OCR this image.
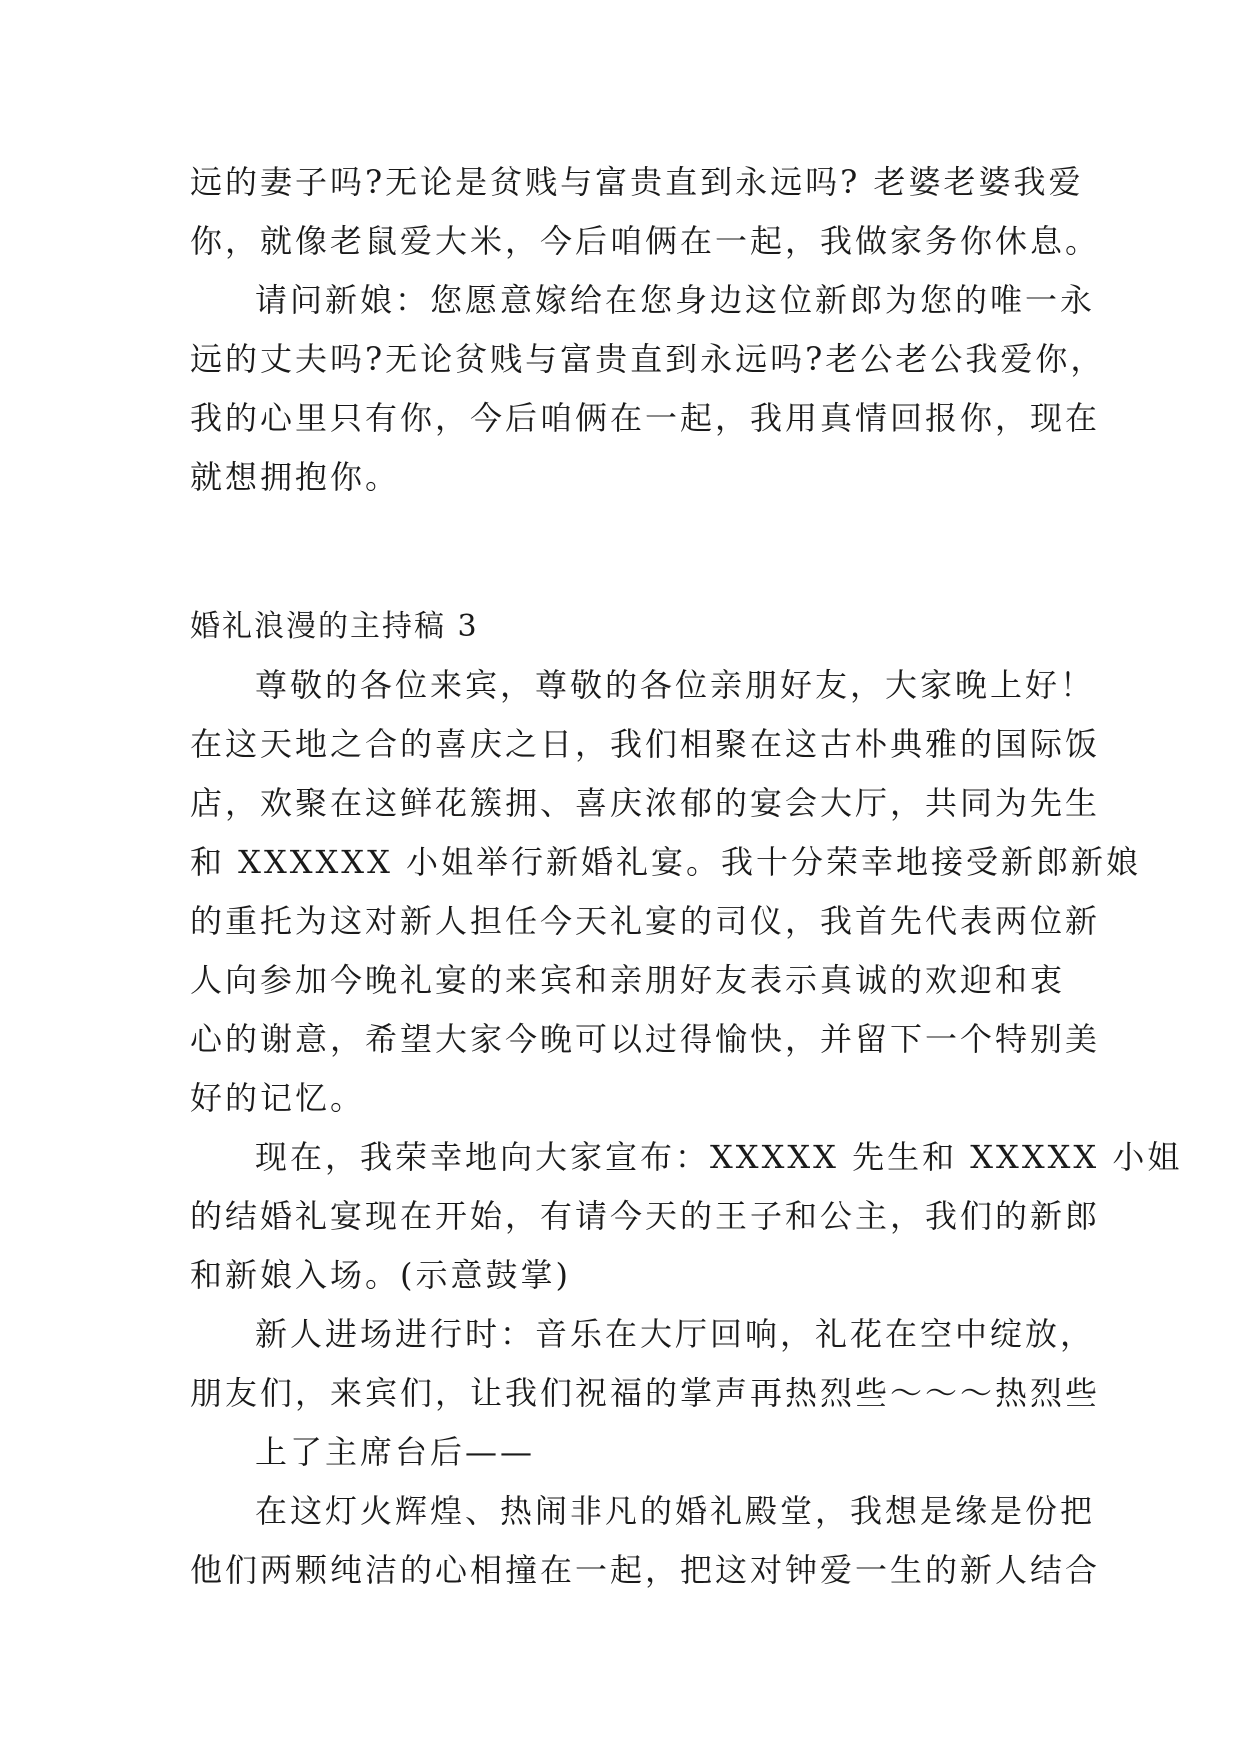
远的妻子吗?无论是贫贱与富贵直到永远吗? 老婆老婆我爱
你，就像老鼠爱大米，今后咱俩在一起，我做家务你休息。
请问新娘：您愿意嫁给在您身边这位新郎为您的唯一永
远的丈夫吗?无论贫贱与富贵直到永远吗?老公老公我爱你，
我的心里只有你，今后咱俩在一起，我用真情回报你，现在
就想拥抱你。
婚礼浪漫的主持稿 3
尊敬的各位来宾，尊敬的各位亲朋好友，大家晚上好！
在这天地之合的喜庆之日，我们相聚在这古朴典雅的国际饭
店，欢聚在这鲜花簇拥、喜庆浓郁的宴会大厅，共同为先生
和 XXXXXX 小姐举行新婚礼宴。我十分荣幸地接受新郎新娘
的重托为这对新人担任今天礼宴的司仪，我首先代表两位新
人向参加今晚礼宴的来宾和亲朋好友表示真诚的欢迎和衷
心的谢意，希望大家今晚可以过得愉快，并留下一个特别美
好的记忆。
现在，我荣幸地向大家宣布：XXXXX 先生和 XXXXX 小姐
的结婚礼宴现在开始，有请今天的王子和公主，我们的新郎
和新娘入场。(示意鼓掌)
新人进场进行时：音乐在大厅回响，礼花在空中绽放，
朋友们，来宾们，让我们祝福的掌声再热烈些～～～热烈些
上了主席台后——
在这灯火辉煌、热闹非凡的婚礼殿堂，我想是缘是份把
他们两颗纯洁的心相撞在一起，把这对钟爱一生的新人结合
